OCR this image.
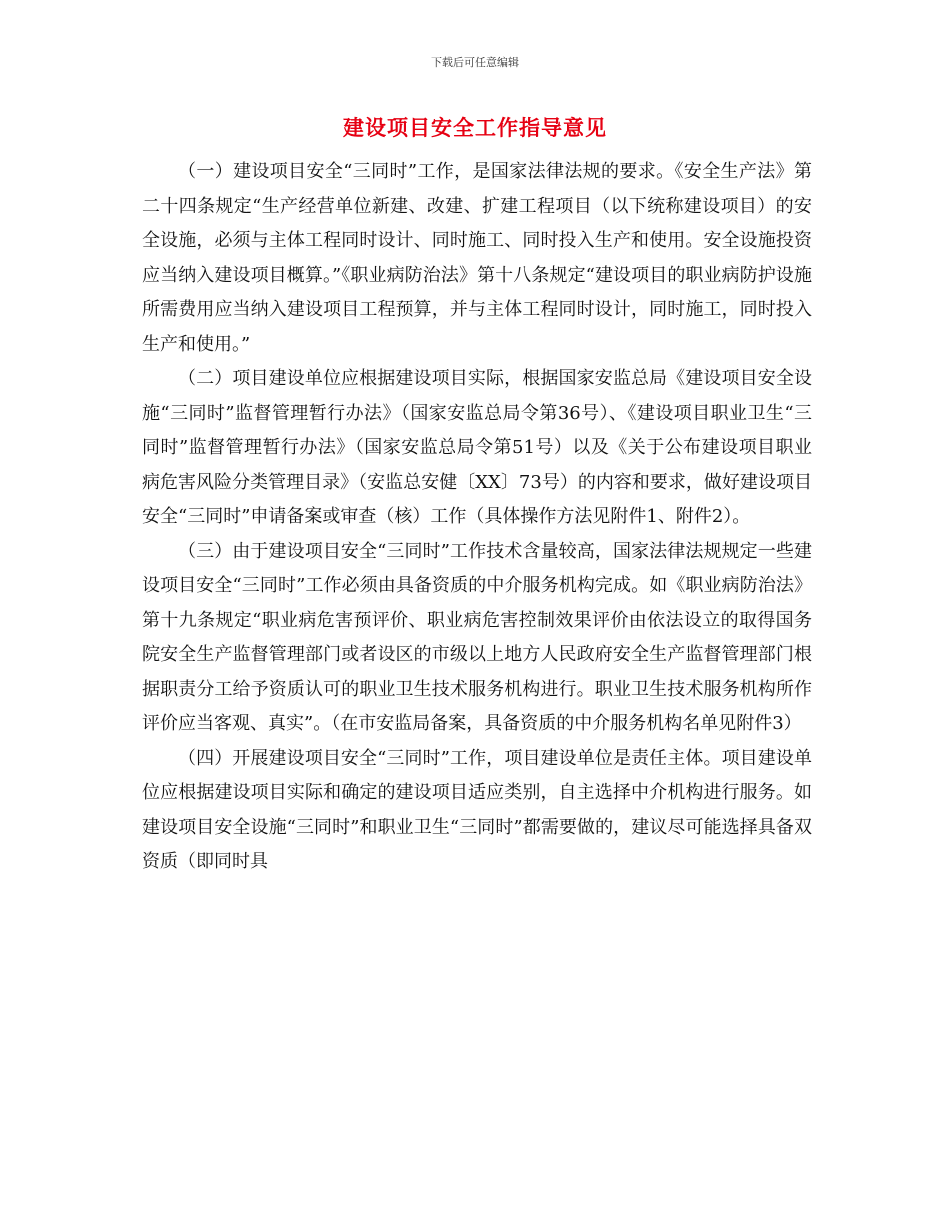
下载后可任意编辑
建设项目安全工作指导意见

（一）建设项目安全“三同时”工作，是国家法律法规的要求。《安全生产法》第二十四条规定“生产经营单位新建、改建、扩建工程项目（以下统称建设项目）的安全设施，必须与主体工程同时设计、同时施工、同时投入生产和使用。安全设施投资应当纳入建设项目概算。”《职业病防治法》第十八条规定“建设项目的职业病防护设施所需费用应当纳入建设项目工程预算，并与主体工程同时设计，同时施工，同时投入生产和使用。”

（二）项目建设单位应根据建设项目实际，根据国家安监总局《建设项目安全设施“三同时”监督管理暂行办法》（国家安监总局令第36号）、《建设项目职业卫生“三同时”监督管理暂行办法》（国家安监总局令第51号）以及《关于公布建设项目职业病危害风险分类管理目录》（安监总安健〔XX〕73号）的内容和要求，做好建设项目安全“三同时”申请备案或审查（核）工作（具体操作方法见附件1、附件2）。

（三）由于建设项目安全“三同时”工作技术含量较高，国家法律法规规定一些建设项目安全“三同时”工作必须由具备资质的中介服务机构完成。如《职业病防治法》第十九条规定“职业病危害预评价、职业病危害控制效果评价由依法设立的取得国务院安全生产监督管理部门或者设区的市级以上地方人民政府安全生产监督管理部门根据职责分工给予资质认可的职业卫生技术服务机构进行。职业卫生技术服务机构所作评价应当客观、真实”。（在市安监局备案，具备资质的中介服务机构名单见附件3）

（四）开展建设项目安全“三同时”工作，项目建设单位是责任主体。项目建设单位应根据建设项目实际和确定的建设项目适应类别，自主选择中介机构进行服务。如建设项目安全设施“三同时”和职业卫生“三同时”都需要做的，建议尽可能选择具备双资质（即同时具
